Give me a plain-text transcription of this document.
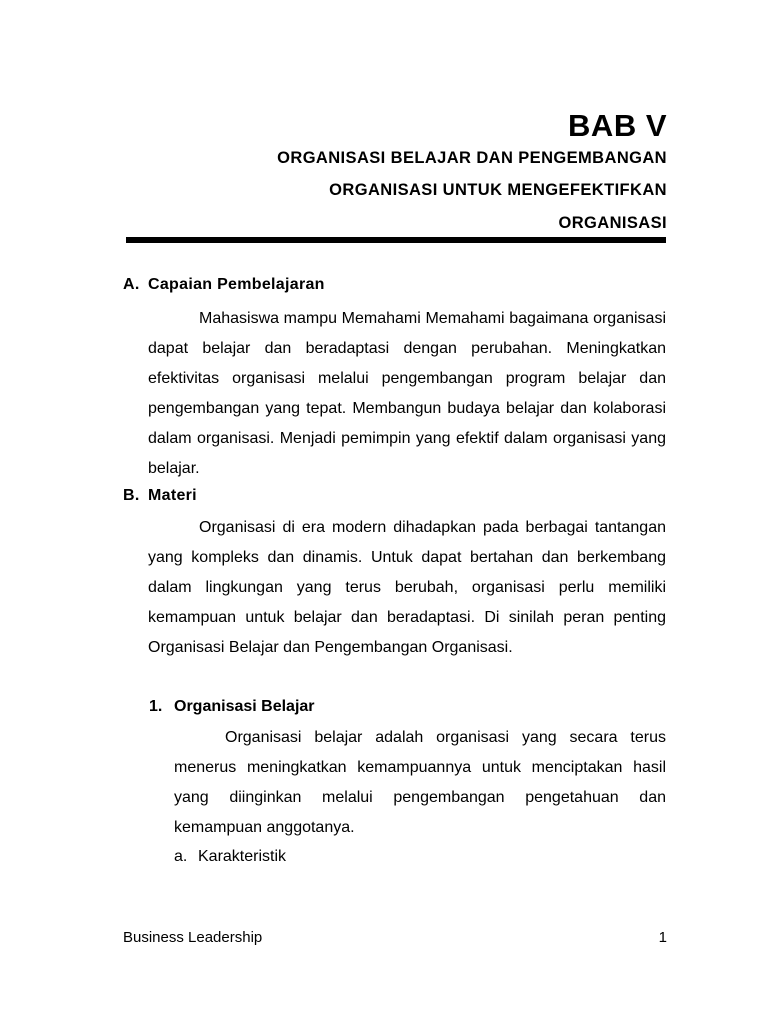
BAB V
ORGANISASI BELAJAR DAN PENGEMBANGAN
ORGANISASI UNTUK MENGEFEKTIFKAN
ORGANISASI
A. Capaian Pembelajaran
Mahasiswa mampu Memahami Memahami bagaimana organisasi dapat belajar dan beradaptasi dengan perubahan. Meningkatkan efektivitas organisasi melalui pengembangan program belajar dan pengembangan yang tepat. Membangun budaya belajar dan kolaborasi dalam organisasi. Menjadi pemimpin yang efektif dalam organisasi yang belajar.
B. Materi
Organisasi di era modern dihadapkan pada berbagai tantangan yang kompleks dan dinamis. Untuk dapat bertahan dan berkembang dalam lingkungan yang terus berubah, organisasi perlu memiliki kemampuan untuk belajar dan beradaptasi. Di sinilah peran penting Organisasi Belajar dan Pengembangan Organisasi.
1. Organisasi Belajar
Organisasi belajar adalah organisasi yang secara terus menerus meningkatkan kemampuannya untuk menciptakan hasil yang diinginkan melalui pengembangan pengetahuan dan kemampuan anggotanya.
a. Karakteristik
Business Leadership	1
